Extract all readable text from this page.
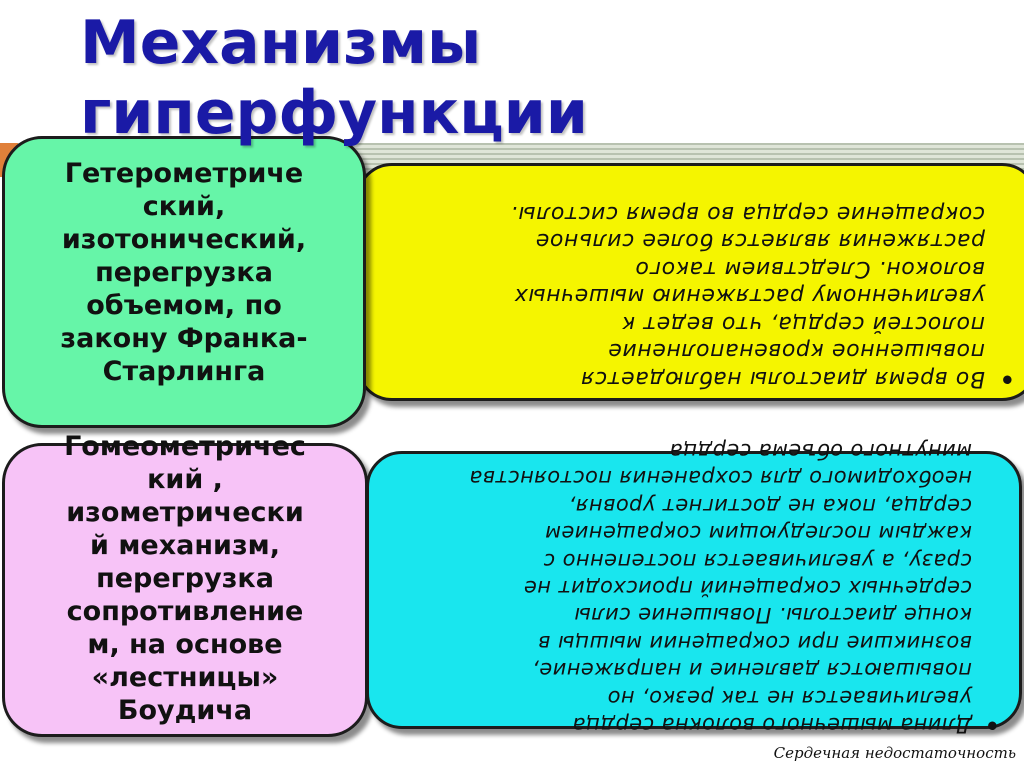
Механизмы гиперфункции
Во время диастолы наблюдается
повышенное кровенаполнение
полостей сердца, что ведет к
увеличенному растяжению мышечных
волокон. Следствием такого
растяжения является более сильное
сокращение сердца во время систолы.
•
Гетерометриче
ский,
изотонический,
перегрузка
объемом, по
закону Франка-
Старлинга
Гомеометричес
кий ,
изометрически
й механизм,
перегрузка
сопротивление
м, на основе
«лестницы»
Боудича	Длина мышечного волокна сердца
увеличивается не так резко, но
повышаются давление и напряжение,
возникшие при сокращении мышцы в
конце диастолы. Повышение силы
сердечных сокращений происходит не
сразу, а увеличивается постепенно с
каждым последующим сокращением
сердца, пока не достигнет уровня,
необходимого для сохранения постоянства
минутного объема сердца
•
Сердечная недостаточность
